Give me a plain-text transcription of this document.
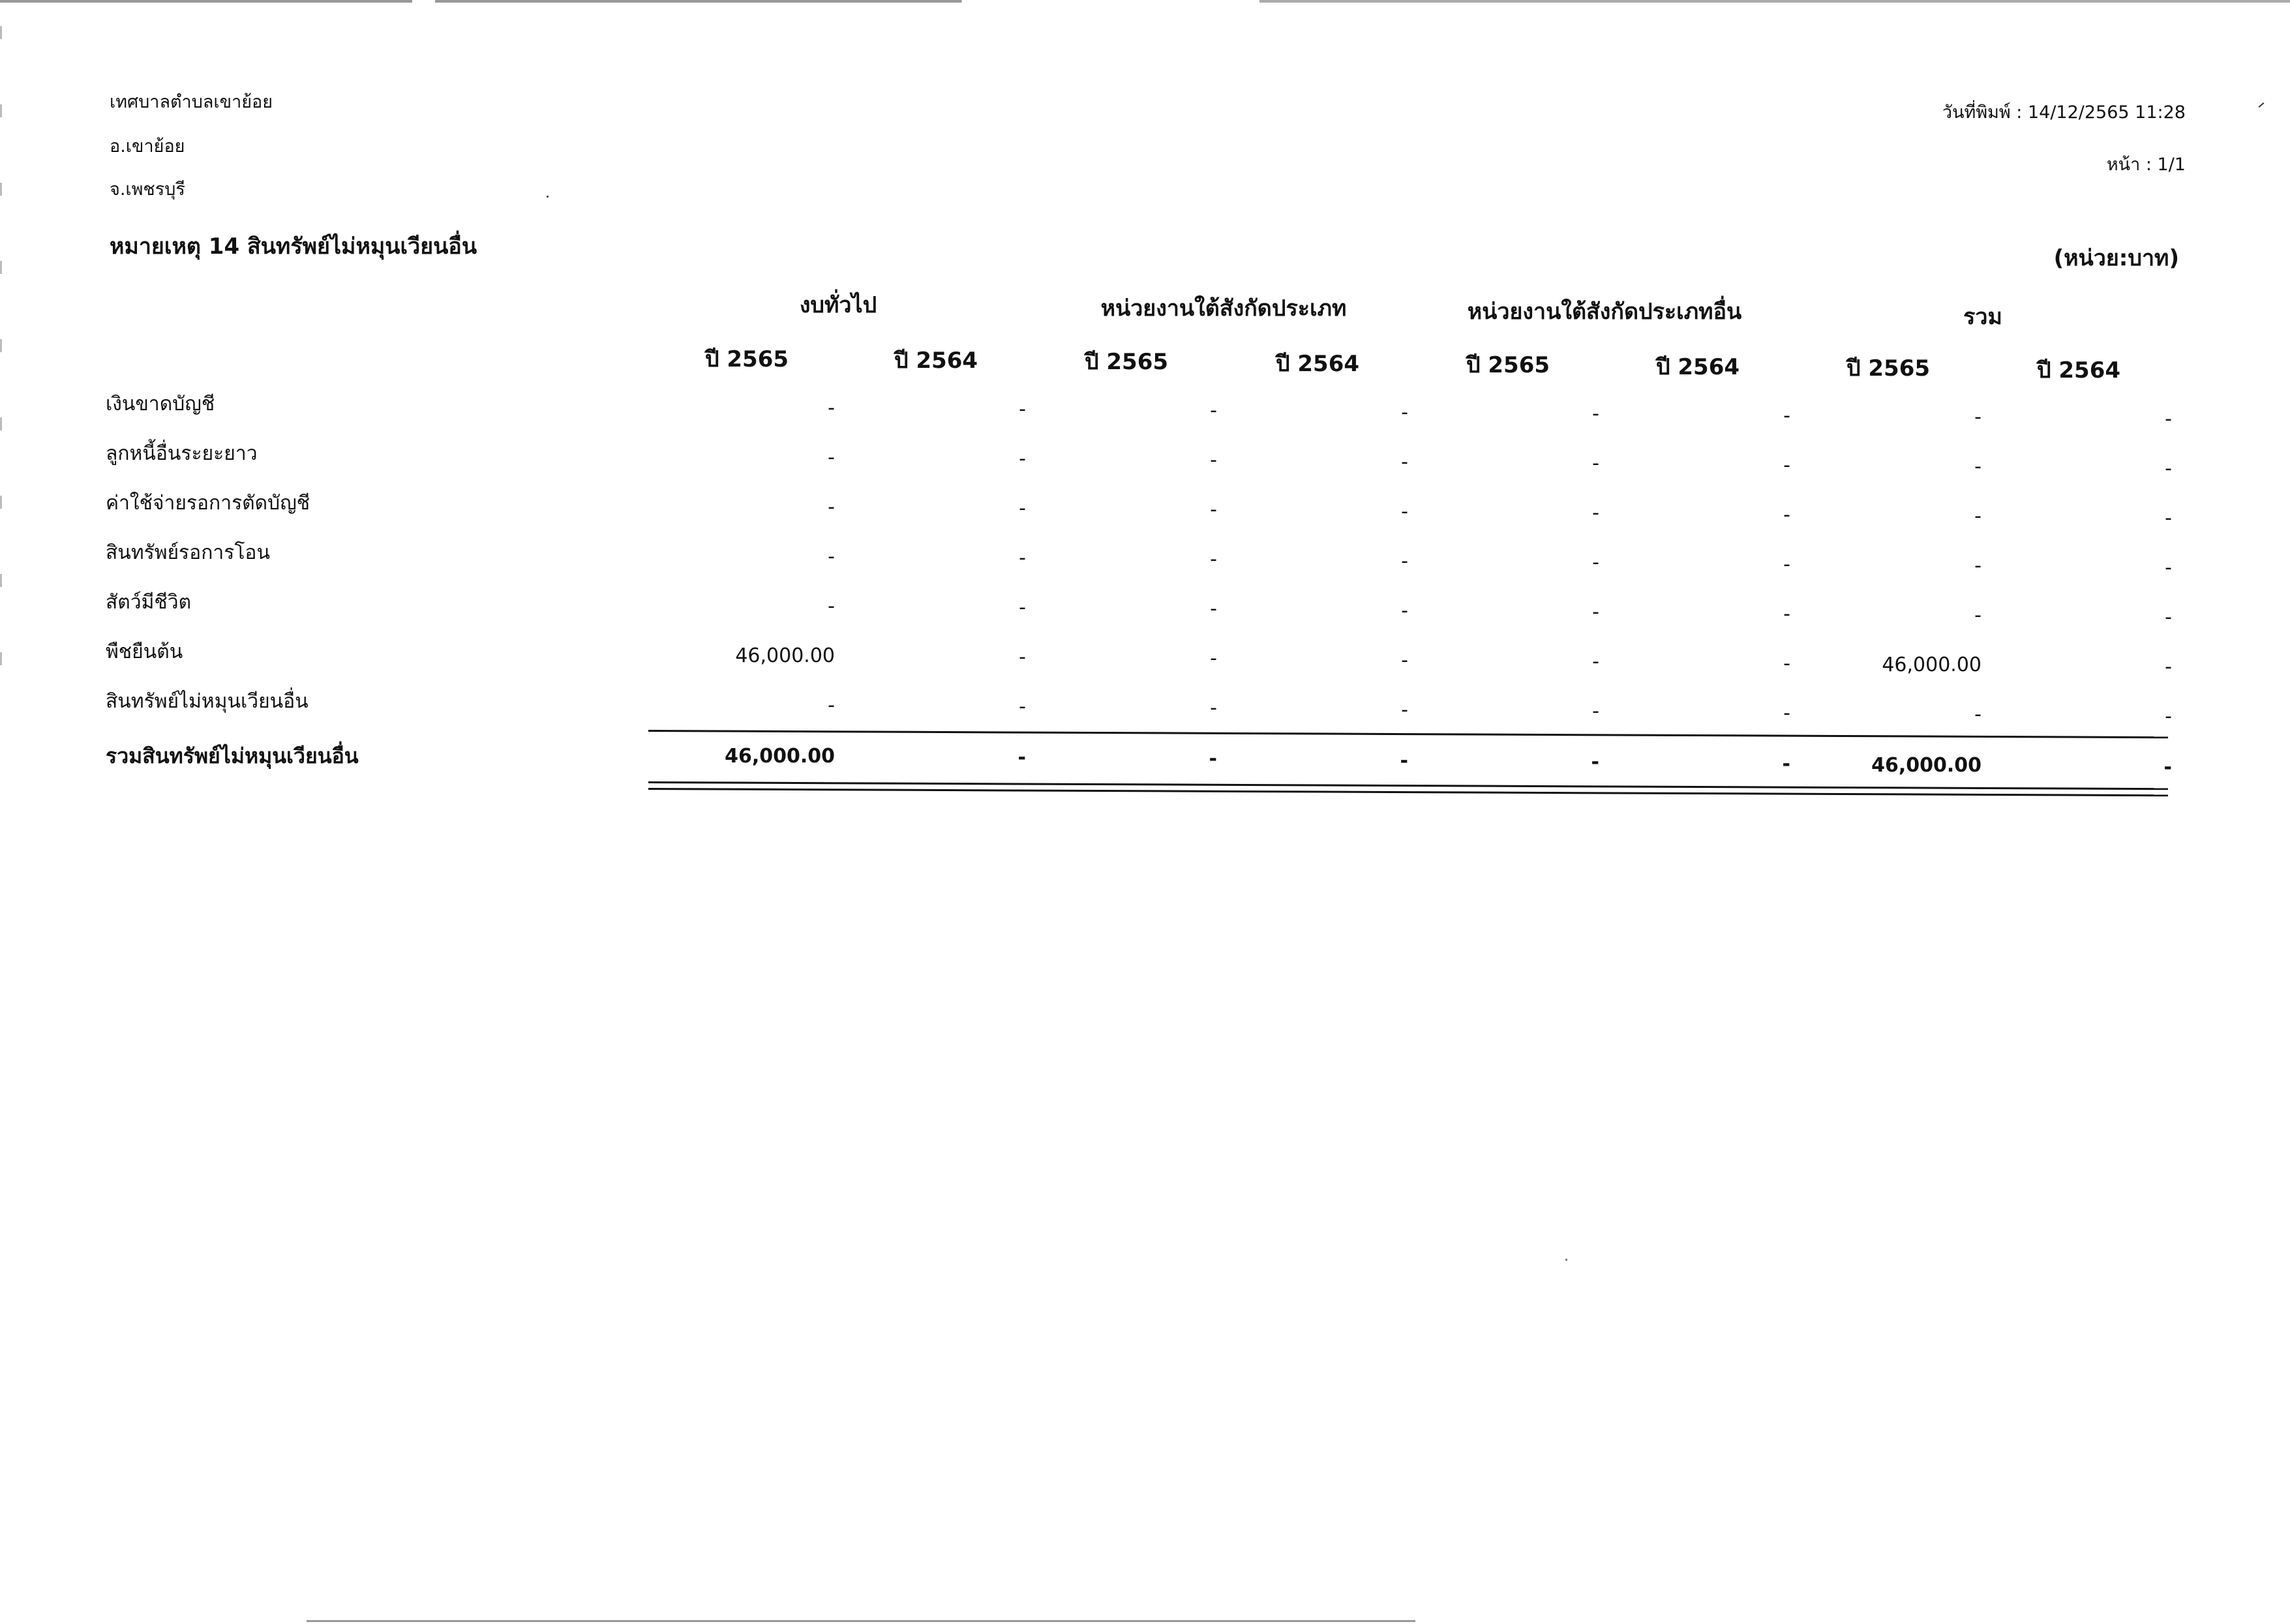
เทศบาลตำบลเขาย้อย
อ.เขาย้อย
จ.เพชรบุรี
วันที่พิมพ์ : 14/12/2565 11:28
หน้า : 1/1
หมายเหตุ 14 สินทรัพย์ไม่หมุนเวียนอื่น	(หน่วย:บาท)
งบทั่วไป	หน่วยงานใต้สังกัดประเภท	หน่วยงานใต้สังกัดประเภทอื่น	รวม
ปี 2565	ปี 2564	ปี 2565	ปี 2564	ปี 2565	ปี 2564	ปี 2565	ปี 2564
เงินขาดบัญชี	-	-	-	-	-	-	-	-
ลูกหนี้อื่นระยะยาว	-	-	-	-	-	-	-	-
ค่าใช้จ่ายรอการตัดบัญชี	-	-	-	-	-	-	-	-
สินทรัพย์รอการโอน	-	-	-	-	-	-	-	-
สัตว์มีชีวิต	-	-	-	-	-	-	-	-
พืชยืนต้น	46,000.00	-	-	-	-	-	46,000.00	-
สินทรัพย์ไม่หมุนเวียนอื่น	-	-	-	-	-	-	-	-
รวมสินทรัพย์ไม่หมุนเวียนอื่น	46,000.00	-	-	-	-	-	46,000.00	-
